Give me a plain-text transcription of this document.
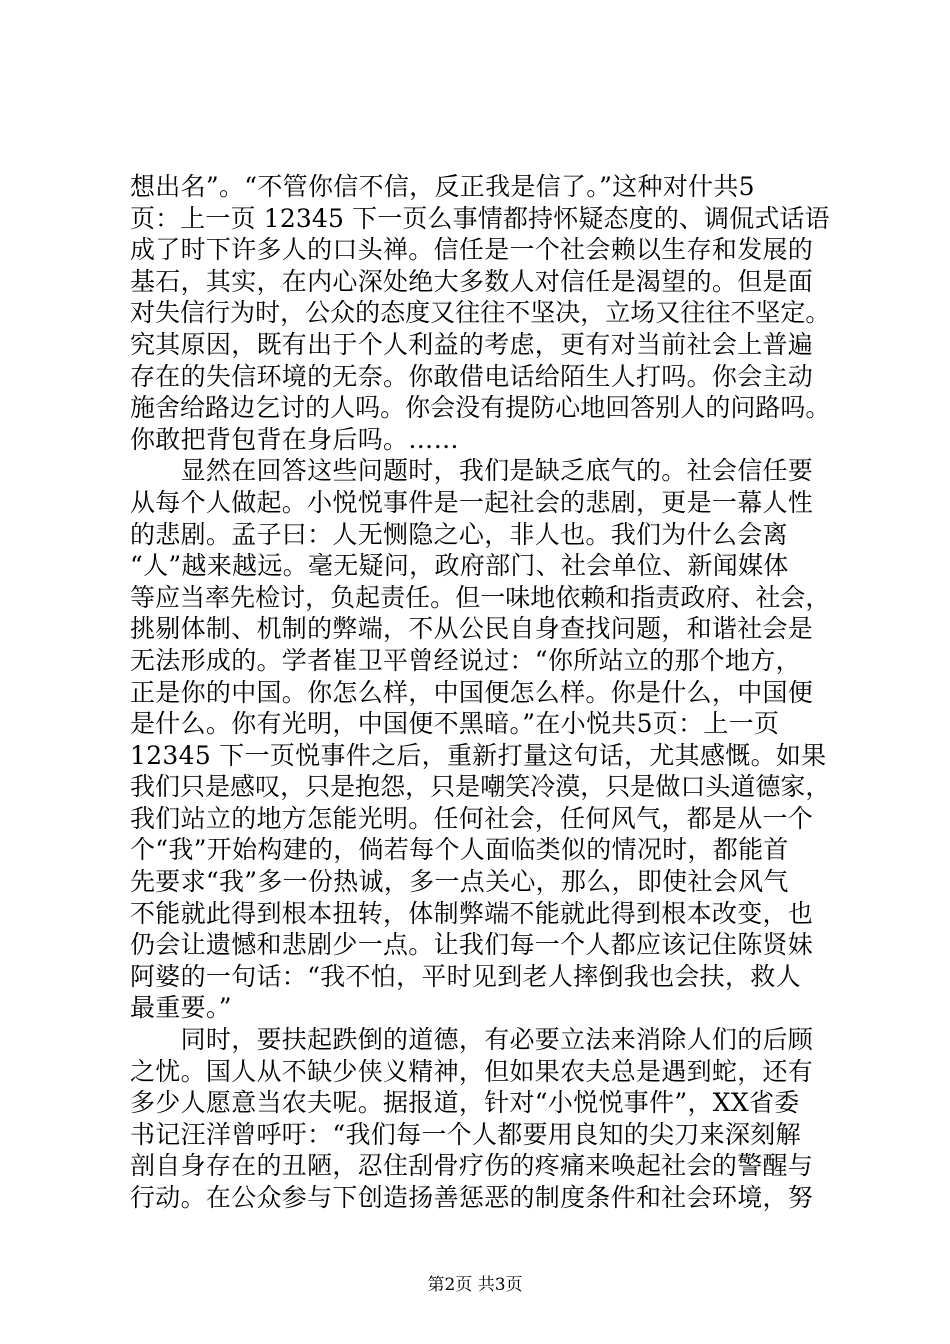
想出名”。“不管你信不信，反正我是信了。”这种对什共5
页：上一页 12345 下一页么事情都持怀疑态度的、调侃式话语
成了时下许多人的口头禅。信任是一个社会赖以生存和发展的
基石，其实，在内心深处绝大多数人对信任是渴望的。但是面
对失信行为时，公众的态度又往往不坚决，立场又往往不坚定。
究其原因，既有出于个人利益的考虑，更有对当前社会上普遍
存在的失信环境的无奈。你敢借电话给陌生人打吗。你会主动
施舍给路边乞讨的人吗。你会没有提防心地回答别人的问路吗。
你敢把背包背在身后吗。……
　　显然在回答这些问题时，我们是缺乏底气的。社会信任要
从每个人做起。小悦悦事件是一起社会的悲剧，更是一幕人性
的悲剧。孟子曰：人无恻隐之心，非人也。我们为什么会离
“人”越来越远。毫无疑问，政府部门、社会单位、新闻媒体
等应当率先检讨，负起责任。但一味地依赖和指责政府、社会，
挑剔体制、机制的弊端，不从公民自身查找问题，和谐社会是
无法形成的。学者崔卫平曾经说过：“你所站立的那个地方，
正是你的中国。你怎么样，中国便怎么样。你是什么，中国便
是什么。你有光明，中国便不黑暗。”在小悦共5页：上一页
12345 下一页悦事件之后，重新打量这句话，尤其感慨。如果
我们只是感叹，只是抱怨，只是嘲笑冷漠，只是做口头道德家，
我们站立的地方怎能光明。任何社会，任何风气，都是从一个
个“我”开始构建的，倘若每个人面临类似的情况时，都能首
先要求“我”多一份热诚，多一点关心，那么，即使社会风气
不能就此得到根本扭转，体制弊端不能就此得到根本改变，也
仍会让遗憾和悲剧少一点。让我们每一个人都应该记住陈贤妹
阿婆的一句话：“我不怕，平时见到老人摔倒我也会扶，救人
最重要。”
　　同时，要扶起跌倒的道德，有必要立法来消除人们的后顾
之忧。国人从不缺少侠义精神，但如果农夫总是遇到蛇，还有
多少人愿意当农夫呢。据报道，针对“小悦悦事件”，XX省委
书记汪洋曾呼吁：“我们每一个人都要用良知的尖刀来深刻解
剖自身存在的丑陋，忍住刮骨疗伤的疼痛来唤起社会的警醒与
行动。在公众参与下创造扬善惩恶的制度条件和社会环境，努
第2页 共3页
